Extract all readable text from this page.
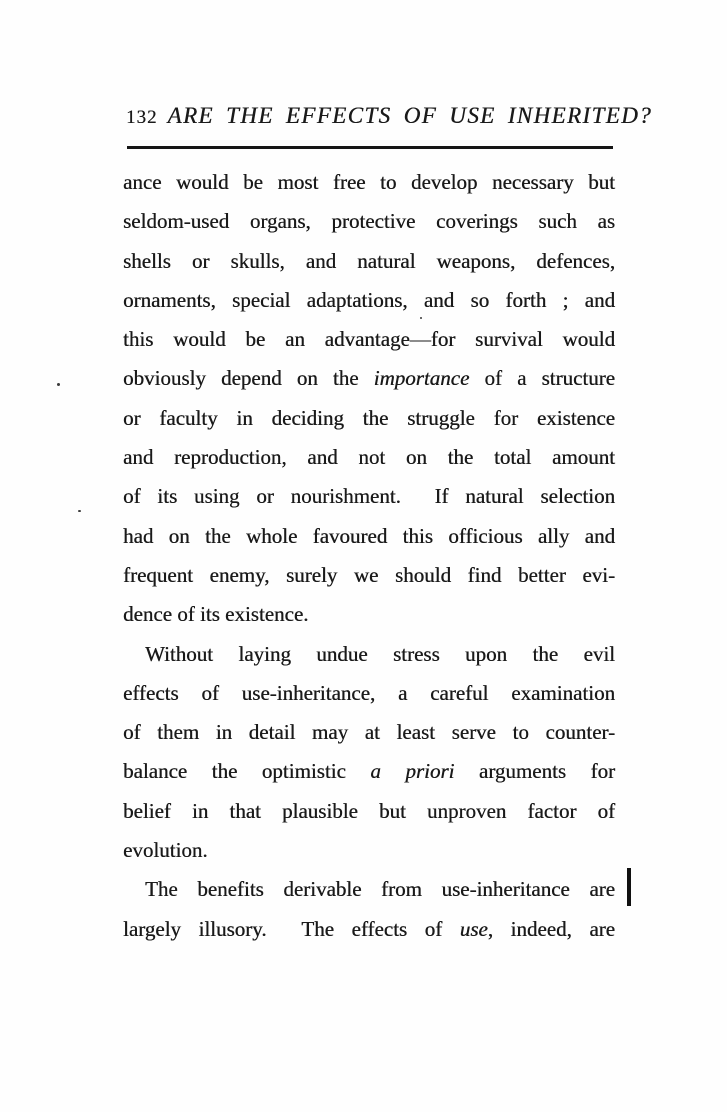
132 ARE THE EFFECTS OF USE INHERITED?
ance would be most free to develop necessary but
seldom-used organs, protective coverings such as
shells or skulls, and natural weapons, defences,
ornaments, special adaptations, and so forth ; and
this would be an advantage—for survival would
obviously depend on the importance of a structure
or faculty in deciding the struggle for existence
and reproduction, and not on the total amount
of its using or nourishment.  If natural selection
had on the whole favoured this officious ally and
frequent enemy, surely we should find better evi-
dence of its existence.
Without laying undue stress upon the evil
effects of use-inheritance, a careful examination
of them in detail may at least serve to counter-
balance the optimistic a priori arguments for
belief in that plausible but unproven factor of
evolution.
The benefits derivable from use-inheritance are
largely illusory.  The effects of use, indeed, are
